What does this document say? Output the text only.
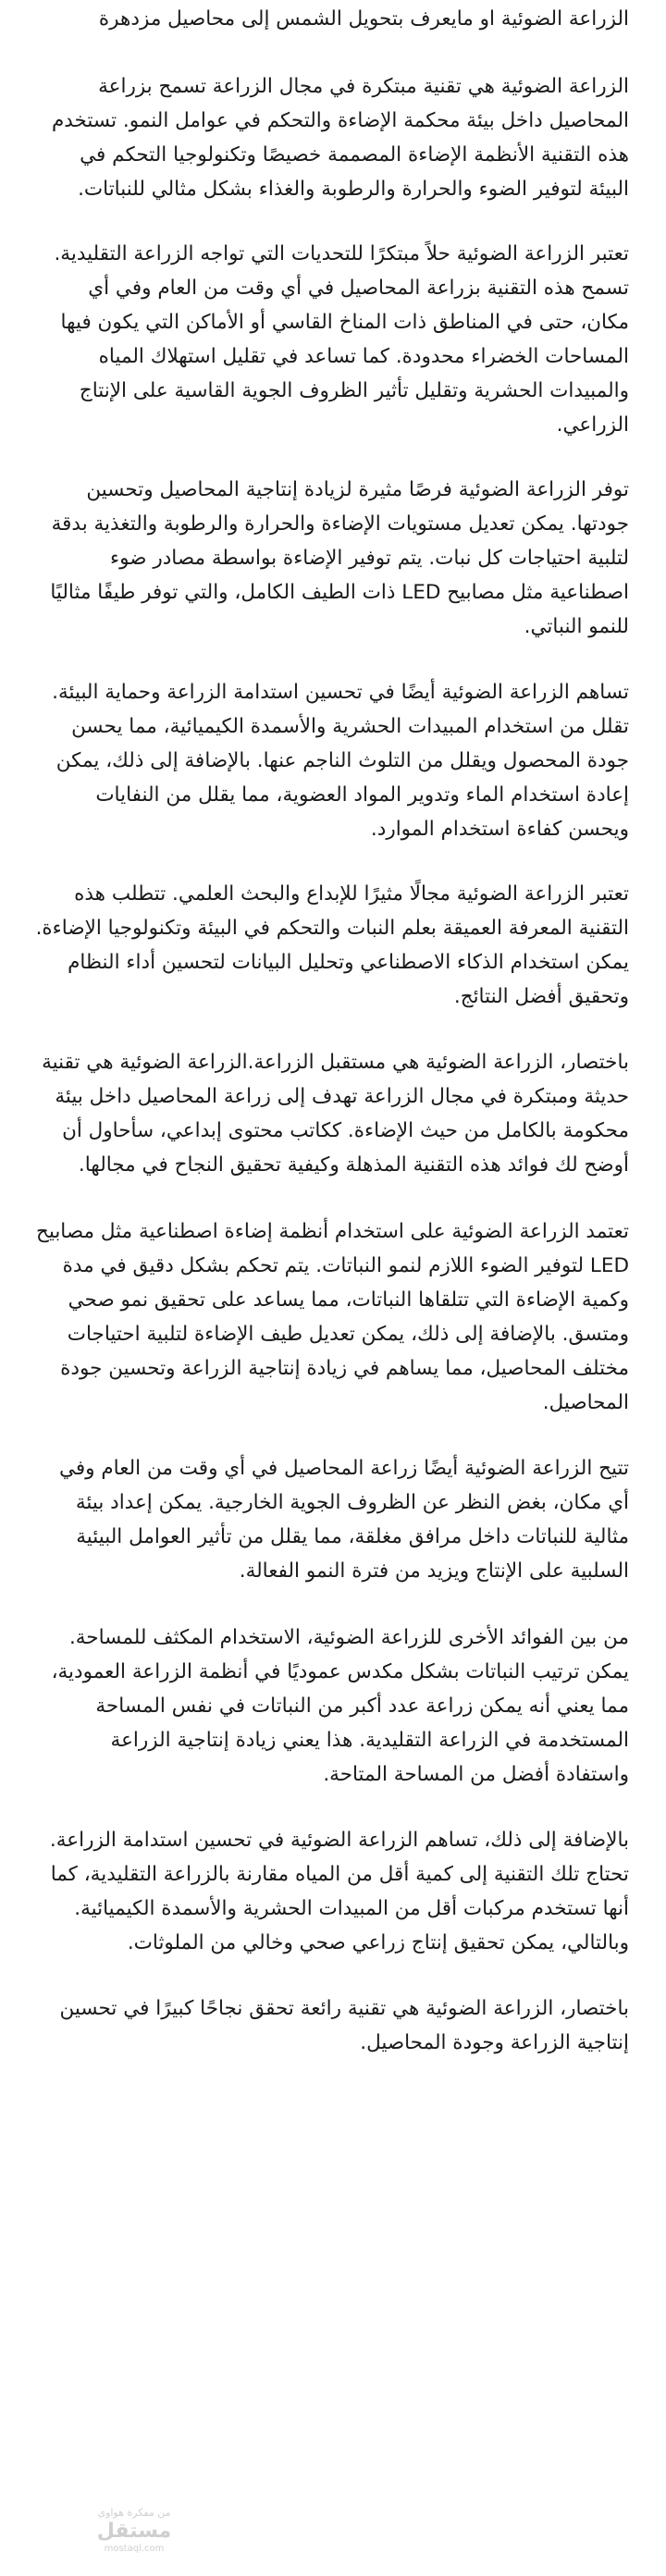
الزراعة الضوئية او مايعرف بتحويل الشمس إلى محاصيل مزدهرة

الزراعة الضوئية هي تقنية مبتكرة في مجال الزراعة تسمح بزراعة المحاصيل داخل بيئة محكمة الإضاءة والتحكم في عوامل النمو. تستخدم هذه التقنية الأنظمة الإضاءة المصممة خصيصًا وتكنولوجيا التحكم في البيئة لتوفير الضوء والحرارة والرطوبة والغذاء بشكل مثالي للنباتات.

تعتبر الزراعة الضوئية حلاً مبتكرًا للتحديات التي تواجه الزراعة التقليدية. تسمح هذه التقنية بزراعة المحاصيل في أي وقت من العام وفي أي مكان، حتى في المناطق ذات المناخ القاسي أو الأماكن التي يكون فيها المساحات الخضراء محدودة. كما تساعد في تقليل استهلاك المياه والمبيدات الحشرية وتقليل تأثير الظروف الجوية القاسية على الإنتاج الزراعي.

توفر الزراعة الضوئية فرصًا مثيرة لزيادة إنتاجية المحاصيل وتحسين جودتها. يمكن تعديل مستويات الإضاءة والحرارة والرطوبة والتغذية بدقة لتلبية احتياجات كل نبات. يتم توفير الإضاءة بواسطة مصادر ضوء اصطناعية مثل مصابيح LED ذات الطيف الكامل، والتي توفر طيفًا مثاليًا للنمو النباتي.

تساهم الزراعة الضوئية أيضًا في تحسين استدامة الزراعة وحماية البيئة. تقلل من استخدام المبيدات الحشرية والأسمدة الكيميائية، مما يحسن جودة المحصول ويقلل من التلوث الناجم عنها. بالإضافة إلى ذلك، يمكن إعادة استخدام الماء وتدوير المواد العضوية، مما يقلل من النفايات ويحسن كفاءة استخدام الموارد.

تعتبر الزراعة الضوئية مجالًا مثيرًا للإبداع والبحث العلمي. تتطلب هذه التقنية المعرفة العميقة بعلم النبات والتحكم في البيئة وتكنولوجيا الإضاءة. يمكن استخدام الذكاء الاصطناعي وتحليل البيانات لتحسين أداء النظام وتحقيق أفضل النتائج.

باختصار، الزراعة الضوئية هي مستقبل الزراعة.الزراعة الضوئية هي تقنية حديثة ومبتكرة في مجال الزراعة تهدف إلى زراعة المحاصيل داخل بيئة محكومة بالكامل من حيث الإضاءة. ككاتب محتوى إبداعي، سأحاول أن أوضح لك فوائد هذه التقنية المذهلة وكيفية تحقيق النجاح في مجالها.

تعتمد الزراعة الضوئية على استخدام أنظمة إضاءة اصطناعية مثل مصابيح LED لتوفير الضوء اللازم لنمو النباتات. يتم تحكم بشكل دقيق في مدة وكمية الإضاءة التي تتلقاها النباتات، مما يساعد على تحقيق نمو صحي ومتسق. بالإضافة إلى ذلك، يمكن تعديل طيف الإضاءة لتلبية احتياجات مختلف المحاصيل، مما يساهم في زيادة إنتاجية الزراعة وتحسين جودة المحاصيل.

تتيح الزراعة الضوئية أيضًا زراعة المحاصيل في أي وقت من العام وفي أي مكان، بغض النظر عن الظروف الجوية الخارجية. يمكن إعداد بيئة مثالية للنباتات داخل مرافق مغلقة، مما يقلل من تأثير العوامل البيئية السلبية على الإنتاج ويزيد من فترة النمو الفعالة.

من بين الفوائد الأخرى للزراعة الضوئية، الاستخدام المكثف للمساحة. يمكن ترتيب النباتات بشكل مكدس عموديًا في أنظمة الزراعة العمودية، مما يعني أنه يمكن زراعة عدد أكبر من النباتات في نفس المساحة المستخدمة في الزراعة التقليدية. هذا يعني زيادة إنتاجية الزراعة واستفادة أفضل من المساحة المتاحة.

بالإضافة إلى ذلك، تساهم الزراعة الضوئية في تحسين استدامة الزراعة. تحتاج تلك التقنية إلى كمية أقل من المياه مقارنة بالزراعة التقليدية، كما أنها تستخدم مركبات أقل من المبيدات الحشرية والأسمدة الكيميائية. وبالتالي، يمكن تحقيق إنتاج زراعي صحي وخالي من الملوثات.

باختصار، الزراعة الضوئية هي تقنية رائعة تحقق نجاحًا كبيرًا في تحسين إنتاجية الزراعة وجودة المحاصيل.

من مفكرة هواوي
مستقل
mostaql.com
